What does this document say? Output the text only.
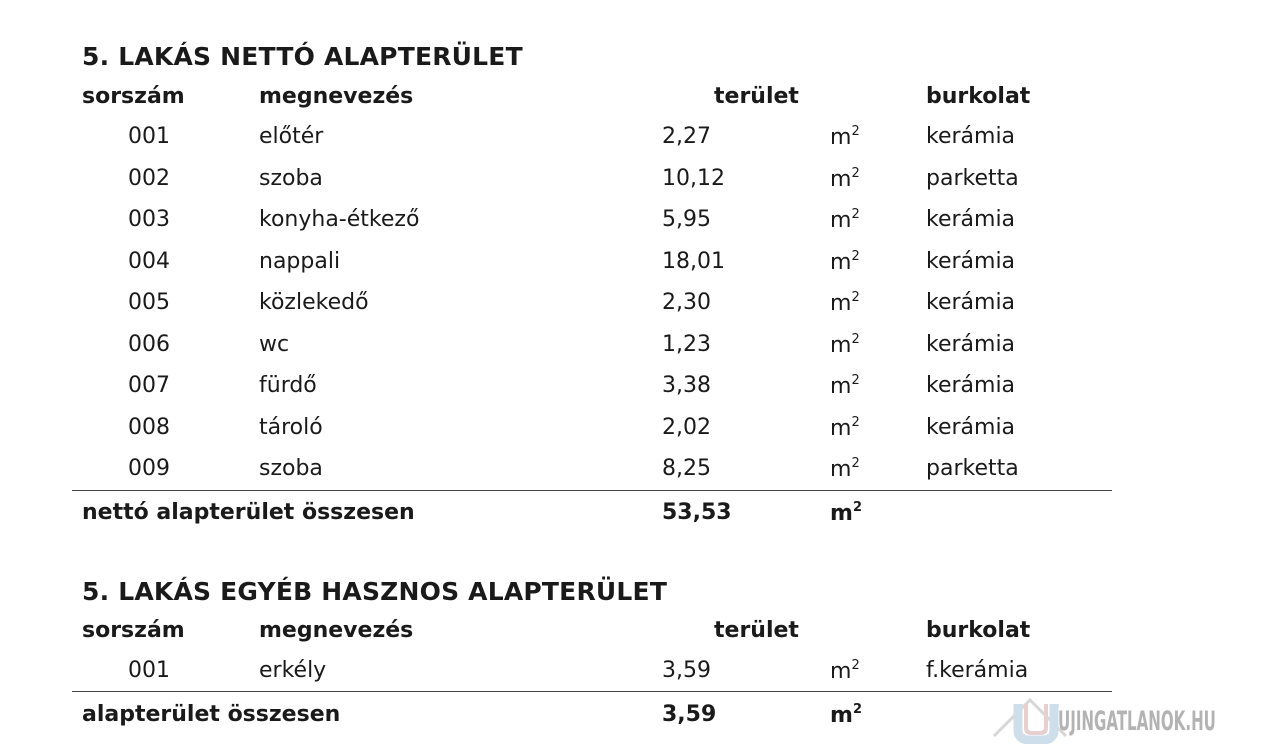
5. LAKÁS NETTÓ ALAPTERÜLET
sorszám	megnevezés	terület	burkolat
001	előtér	2,27	$m^2$	kerámia
002	szoba	10,12	$m^2$	parketta
003	konyha-étkező	5,95	$m^2$	kerámia
004	nappali	18,01	$m^2$	kerámia
005	közlekedő	2,30	$m^2$	kerámia
006	wc	1,23	$m^2$	kerámia
007	fürdő	3,38	$m^2$	kerámia
008	tároló	2,02	$m^2$	kerámia
009	szoba	8,25	$m^2$	parketta
nettó alapterület összesen	53,53	$m^2$
5. LAKÁS EGYÉB HASZNOS ALAPTERÜLET
sorszám	megnevezés	terület	burkolat
001	erkély	3,59	$m^2$	f.kerámia
alapterület összesen	3,59	$m^2$	UJINGATLANOK.HU
